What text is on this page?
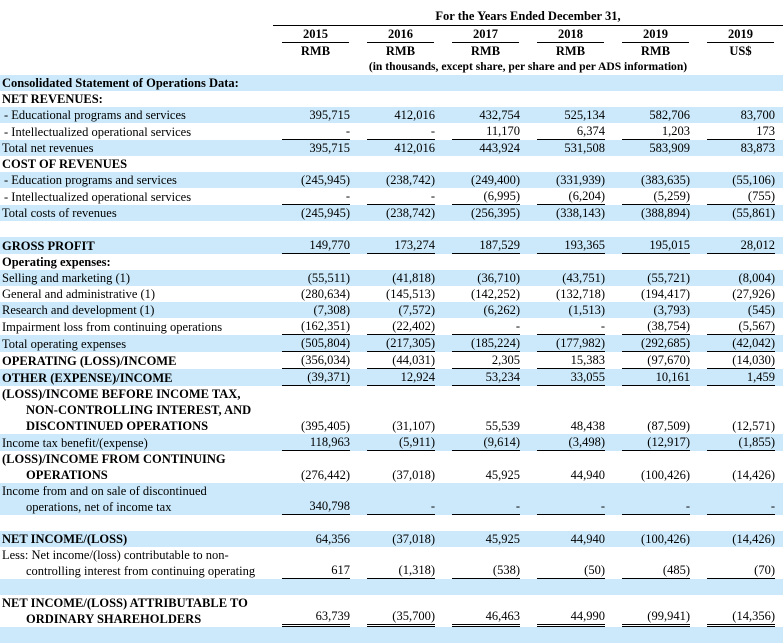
	For the Years Ended December 31,					

	2015	2016	2017	2018	2019	2019

	RMB	RMB	RMB	RMB	RMB	US$

	(in thousands, except share, per share and per ADS information)					

Consolidated Statement of Operations Data:						

NET REVENUES:						

- Educational programs and services	395,715	412,016	432,754	525,134	582,706	83,700

- Intellectualized operational services	-	-	11,170	6,374	1,203	173

Total net revenues	395,715	412,016	443,924	531,508	583,909	83,873

COST OF REVENUES						

- Education programs and services	(245,945)	(238,742)	(249,400)	(331,939)	(383,635)	(55,106)

- Intellectualized operational services	-	-	(6,995)	(6,204)	(5,259)	(755)

Total costs of revenues	(245,945)	(238,742)	(256,395)	(338,143)	(388,894)	(55,861)

GROSS PROFIT	149,770	173,274	187,529	193,365	195,015	28,012

Operating expenses:						

Selling and marketing (1)	(55,511)	(41,818)	(36,710)	(43,751)	(55,721)	(8,004)

General and administrative (1)	(280,634)	(145,513)	(142,252)	(132,718)	(194,417)	(27,926)

Research and development (1)	(7,308)	(7,572)	(6,262)	(1,513)	(3,793)	(545)

Impairment loss from continuing operations	(162,351)	(22,402)	-	-	(38,754)	(5,567)

Total operating expenses	(505,804)	(217,305)	(185,224)	(177,982)	(292,685)	(42,042)

OPERATING (LOSS)/INCOME	(356,034)	(44,031)	2,305	15,383	(97,670)	(14,030)

OTHER (EXPENSE)/INCOME	(39,371)	12,924	53,234	33,055	10,161	1,459

(LOSS)/INCOME BEFORE INCOME TAX,
NON-CONTROLLING INTEREST, AND
DISCONTINUED OPERATIONS	(395,405)	(31,107)	55,539	48,438	(87,509)	(12,571)

Income tax benefit/(expense)	118,963	(5,911)	(9,614)	(3,498)	(12,917)	(1,855)

(LOSS)/INCOME FROM CONTINUING
OPERATIONS	(276,442)	(37,018)	45,925	44,940	(100,426)	(14,426)

Income from and on sale of discontinued
operations, net of income tax	340,798	-	-	-	-	-

NET INCOME/(LOSS)	64,356	(37,018)	45,925	44,940	(100,426)	(14,426)

Less: Net income/(loss) contributable to non-
controlling interest from continuing operating	617	(1,318)	(538)	(50)	(485)	(70)

NET INCOME/(LOSS) ATTRIBUTABLE TO
ORDINARY SHAREHOLDERS	63,739	(35,700)	46,463	44,990	(99,941)	(14,356)
